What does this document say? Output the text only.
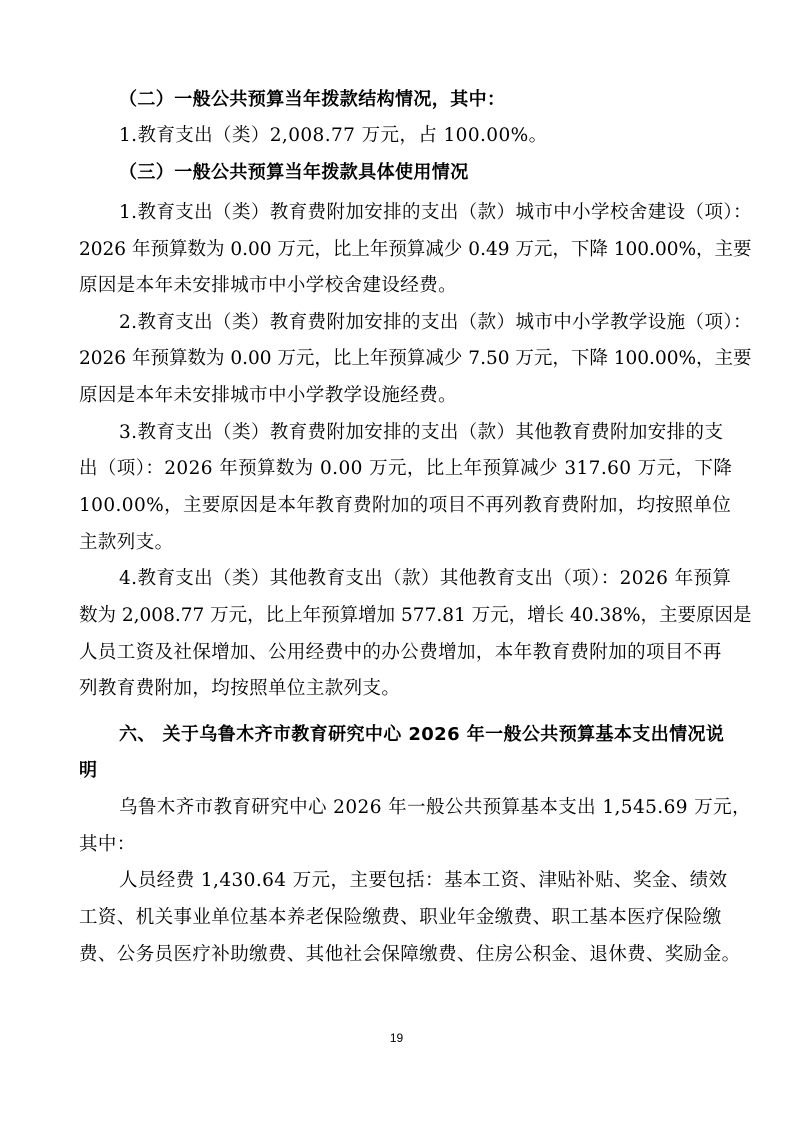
（二）一般公共预算当年拨款结构情况，其中：
1.教育支出（类）2,008.77 万元，占 100.00%。
（三）一般公共预算当年拨款具体使用情况
1.教育支出（类）教育费附加安排的支出（款）城市中小学校舍建设（项）：
2026 年预算数为 0.00 万元，比上年预算减少 0.49 万元，下降 100.00%，主要
原因是本年未安排城市中小学校舍建设经费。
2.教育支出（类）教育费附加安排的支出（款）城市中小学教学设施（项）：
2026 年预算数为 0.00 万元，比上年预算减少 7.50 万元，下降 100.00%，主要
原因是本年未安排城市中小学教学设施经费。
3.教育支出（类）教育费附加安排的支出（款）其他教育费附加安排的支
出（项）：2026 年预算数为 0.00 万元，比上年预算减少 317.60 万元，下降
100.00%，主要原因是本年教育费附加的项目不再列教育费附加，均按照单位
主款列支。
4.教育支出（类）其他教育支出（款）其他教育支出（项）：2026 年预算
数为 2,008.77 万元，比上年预算增加 577.81 万元，增长 40.38%，主要原因是
人员工资及社保增加、公用经费中的办公费增加，本年教育费附加的项目不再
列教育费附加，均按照单位主款列支。
六、 关于乌鲁木齐市教育研究中心 2026 年一般公共预算基本支出情况说
明
乌鲁木齐市教育研究中心 2026 年一般公共预算基本支出 1,545.69 万元，
其中：
人员经费 1,430.64 万元，主要包括：基本工资、津贴补贴、奖金、绩效
工资、机关事业单位基本养老保险缴费、职业年金缴费、职工基本医疗保险缴
费、公务员医疗补助缴费、其他社会保障缴费、住房公积金、退休费、奖励金。
19
